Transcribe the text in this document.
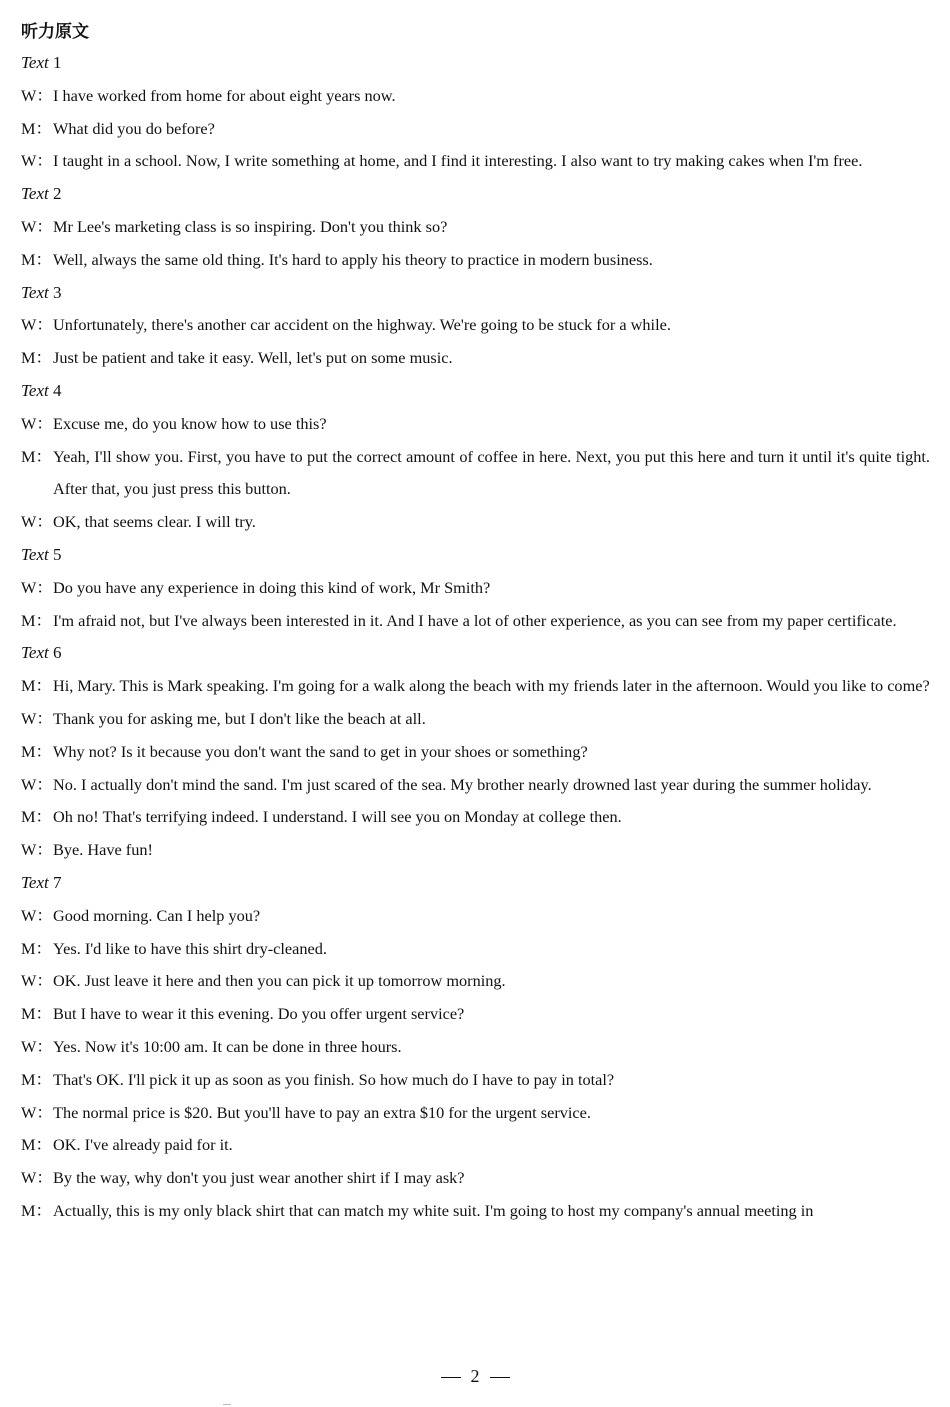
听力原文
Text 1
W： I have worked from home for about eight years now.
M： What did you do before?
W： I taught in a school. Now, I write something at home, and I find it interesting. I also want to try making cakes when I'm free.
Text 2
W： Mr Lee's marketing class is so inspiring. Don't you think so?
M： Well, always the same old thing. It's hard to apply his theory to practice in modern business.
Text 3
W： Unfortunately, there's another car accident on the highway. We're going to be stuck for a while.
M： Just be patient and take it easy. Well, let's put on some music.
Text 4
W： Excuse me, do you know how to use this?
M： Yeah, I'll show you. First, you have to put the correct amount of coffee in here. Next, you put this here and turn it until it's quite tight. After that, you just press this button.
W： OK, that seems clear. I will try.
Text 5
W： Do you have any experience in doing this kind of work, Mr Smith?
M： I'm afraid not, but I've always been interested in it. And I have a lot of other experience, as you can see from my paper certificate.
Text 6
M： Hi, Mary. This is Mark speaking. I'm going for a walk along the beach with my friends later in the afternoon. Would you like to come?
W： Thank you for asking me, but I don't like the beach at all.
M： Why not? Is it because you don't want the sand to get in your shoes or something?
W： No. I actually don't mind the sand. I'm just scared of the sea. My brother nearly drowned last year during the summer holiday.
M： Oh no! That's terrifying indeed. I understand. I will see you on Monday at college then.
W： Bye. Have fun!
Text 7
W： Good morning. Can I help you?
M： Yes. I'd like to have this shirt dry-cleaned.
W： OK. Just leave it here and then you can pick it up tomorrow morning.
M： But I have to wear it this evening. Do you offer urgent service?
W： Yes. Now it's 10:00 am. It can be done in three hours.
M： That's OK. I'll pick it up as soon as you finish. So how much do I have to pay in total?
W： The normal price is $20. But you'll have to pay an extra $10 for the urgent service.
M： OK. I've already paid for it.
W： By the way, why don't you just wear another shirt if I may ask?
M： Actually, this is my only black shirt that can match my white suit. I'm going to host my company's annual meeting in
2
